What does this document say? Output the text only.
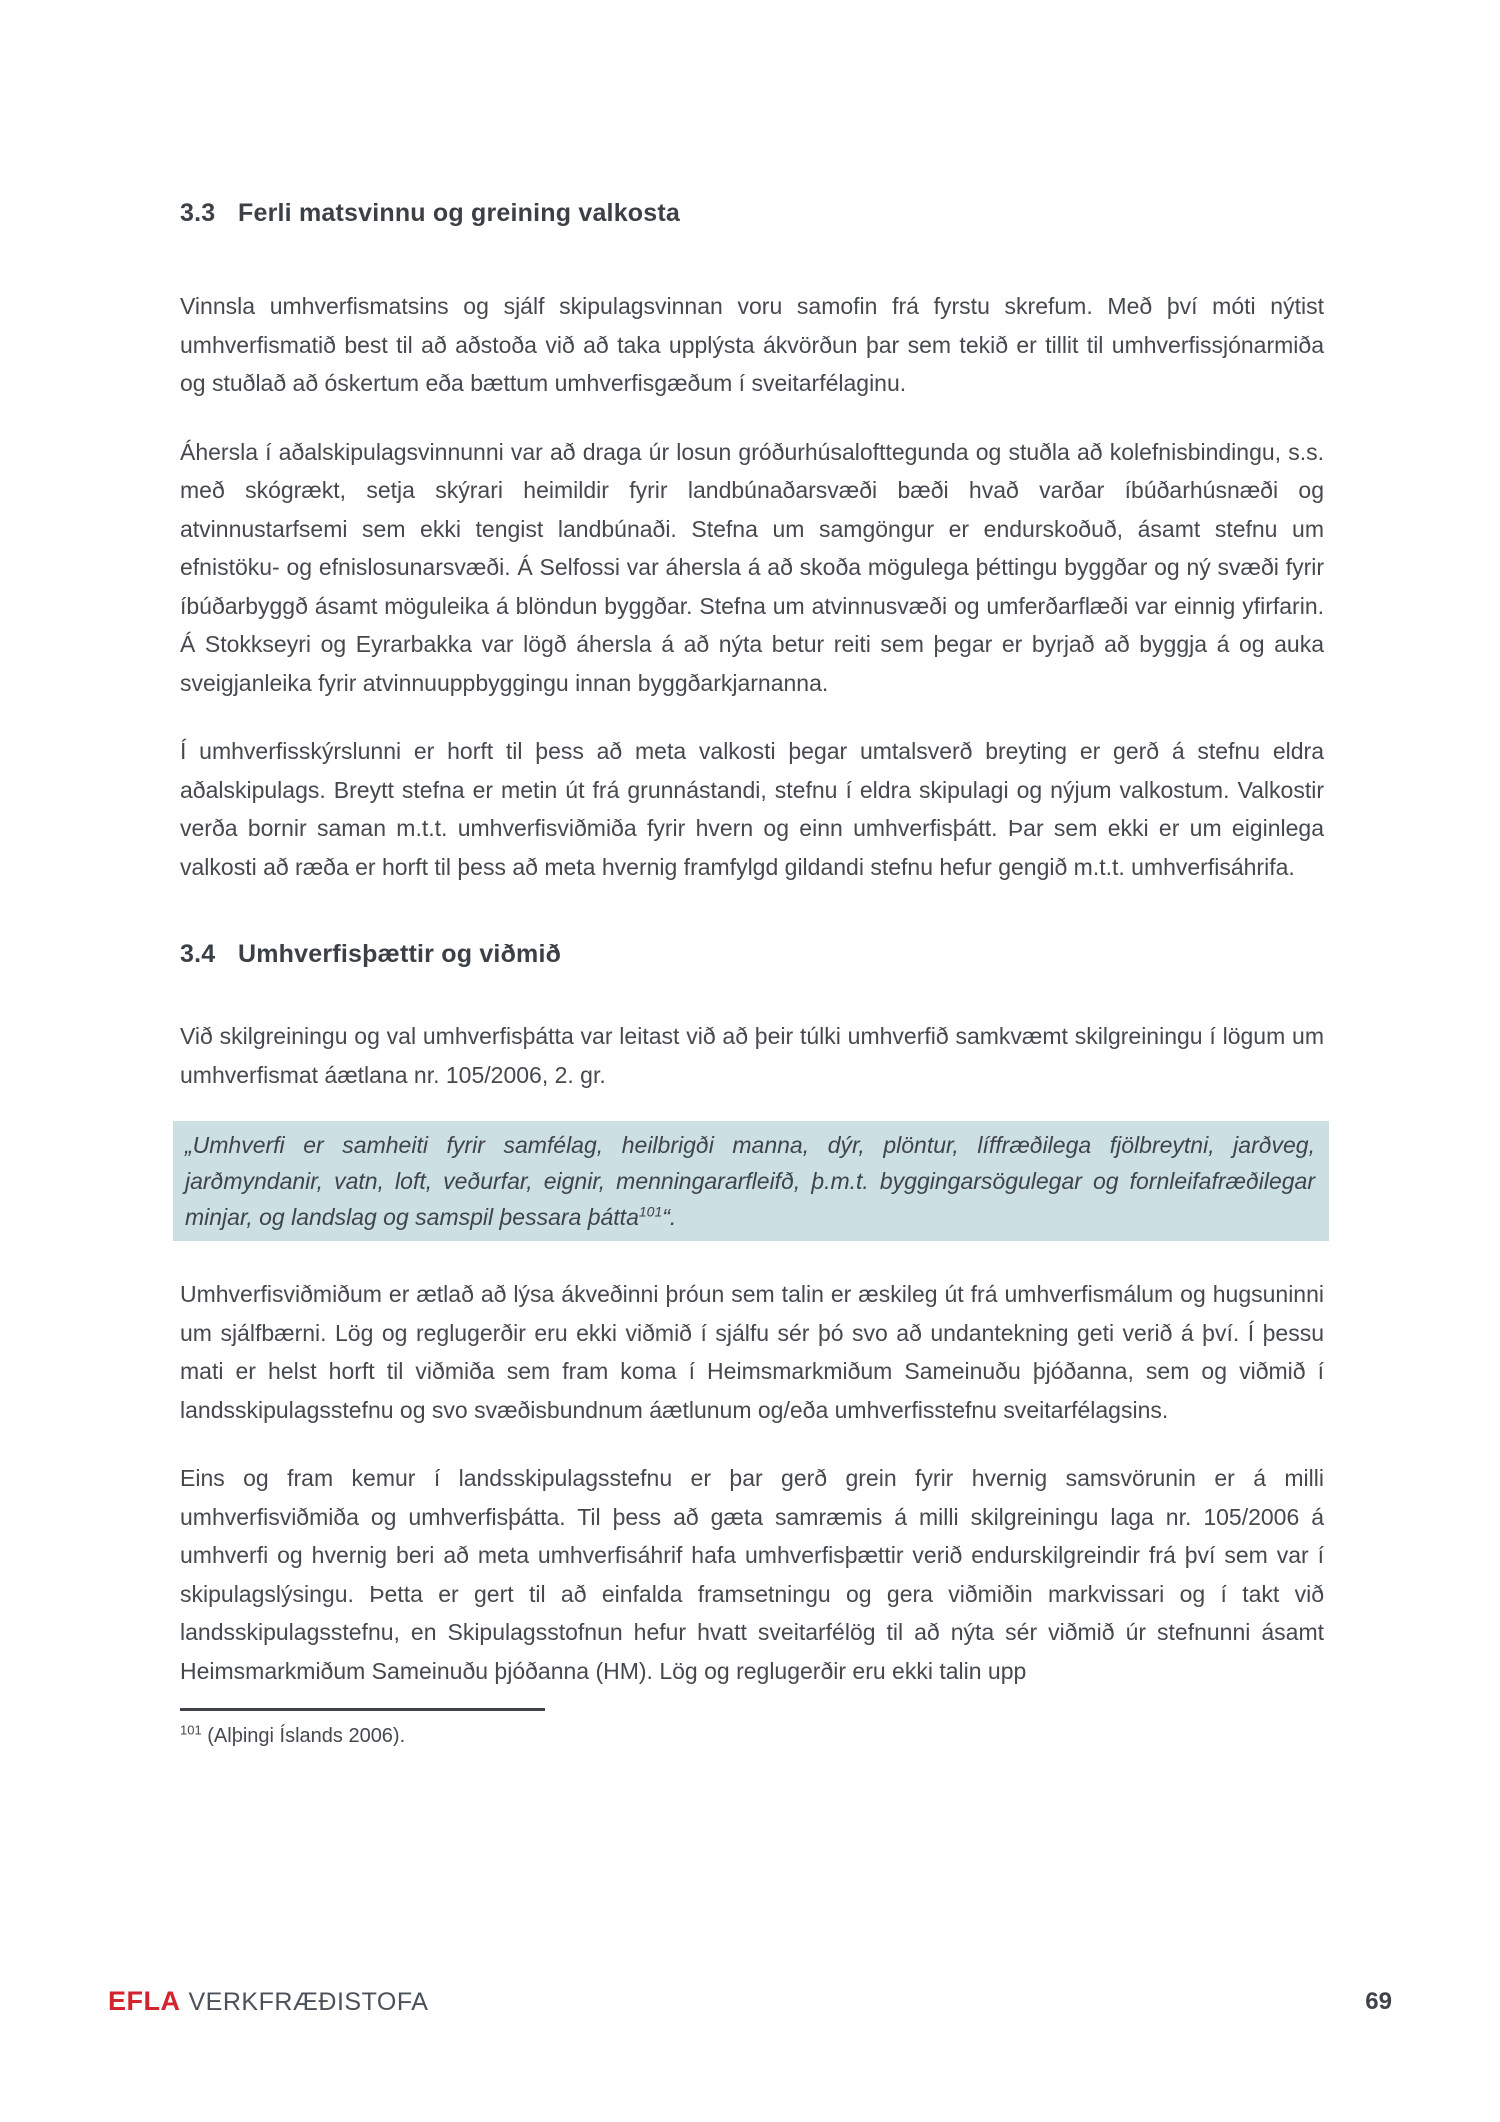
3.3 Ferli matsvinnu og greining valkosta

Vinnsla umhverfismatsins og sjálf skipulagsvinnan voru samofin frá fyrstu skrefum. Með því móti nýtist umhverfismatið best til að aðstoða við að taka upplýsta ákvörðun þar sem tekið er tillit til umhverfissjónarmiða og stuðlað að óskertum eða bættum umhverfisgæðum í sveitarfélaginu.

Áhersla í aðalskipulagsvinnunni var að draga úr losun gróðurhúsalofttegunda og stuðla að kolefnisbindingu, s.s. með skógrækt, setja skýrari heimildir fyrir landbúnaðarsvæði bæði hvað varðar íbúðarhúsnæði og atvinnustarfsemi sem ekki tengist landbúnaði. Stefna um samgöngur er endurskoðuð, ásamt stefnu um efnistöku- og efnislosunarsvæði. Á Selfossi var áhersla á að skoða mögulega þéttingu byggðar og ný svæði fyrir íbúðarbyggð ásamt möguleika á blöndun byggðar. Stefna um atvinnusvæði og umferðarflæði var einnig yfirfarin. Á Stokkseyri og Eyrarbakka var lögð áhersla á að nýta betur reiti sem þegar er byrjað að byggja á og auka sveigjanleika fyrir atvinnuuppbyggingu innan byggðarkjarnanna.

Í umhverfisskýrslunni er horft til þess að meta valkosti þegar umtalsverð breyting er gerð á stefnu eldra aðalskipulags. Breytt stefna er metin út frá grunnástandi, stefnu í eldra skipulagi og nýjum valkostum. Valkostir verða bornir saman m.t.t. umhverfisviðmiða fyrir hvern og einn umhverfisþátt. Þar sem ekki er um eiginlega valkosti að ræða er horft til þess að meta hvernig framfylgd gildandi stefnu hefur gengið m.t.t. umhverfisáhrifa.

3.4 Umhverfisþættir og viðmið

Við skilgreiningu og val umhverfisþátta var leitast við að þeir túlki umhverfið samkvæmt skilgreiningu í lögum um umhverfismat áætlana nr. 105/2006, 2. gr.

„Umhverfi er samheiti fyrir samfélag, heilbrigði manna, dýr, plöntur, líffræðilega fjölbreytni, jarðveg, jarðmyndanir, vatn, loft, veðurfar, eignir, menningararfleifð, þ.m.t. byggingarsögulegar og fornleifafræðilegar minjar, og landslag og samspil þessara þátta$^{101}$“.

Umhverfisviðmiðum er ætlað að lýsa ákveðinni þróun sem talin er æskileg út frá umhverfismálum og hugsuninni um sjálfbærni. Lög og reglugerðir eru ekki viðmið í sjálfu sér þó svo að undantekning geti verið á því. Í þessu mati er helst horft til viðmiða sem fram koma í Heimsmarkmiðum Sameinuðu þjóðanna, sem og viðmið í landsskipulagsstefnu og svo svæðisbundnum áætlunum og/eða umhverfisstefnu sveitarfélagsins.

Eins og fram kemur í landsskipulagsstefnu er þar gerð grein fyrir hvernig samsvörunin er á milli umhverfisviðmiða og umhverfisþátta. Til þess að gæta samræmis á milli skilgreiningu laga nr. 105/2006 á umhverfi og hvernig beri að meta umhverfisáhrif hafa umhverfisþættir verið endurskilgreindir frá því sem var í skipulagslýsingu. Þetta er gert til að einfalda framsetningu og gera viðmiðin markvissari og í takt við landsskipulagsstefnu, en Skipulagsstofnun hefur hvatt sveitarfélög til að nýta sér viðmið úr stefnunni ásamt Heimsmarkmiðum Sameinuðu þjóðanna (HM). Lög og reglugerðir eru ekki talin upp

$^{101}$ (Alþingi Íslands 2006).

EFLA VERKFRÆÐISTOFA	69
